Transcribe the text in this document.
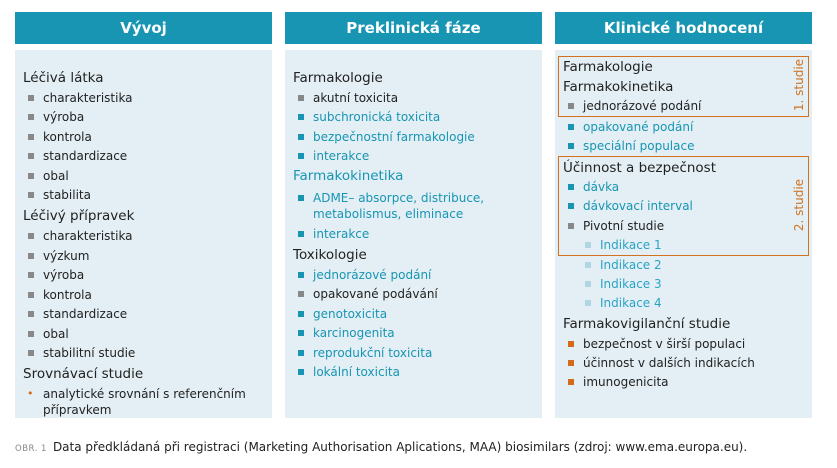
Vývoj
Léčivá látka
charakteristika
výroba
kontrola
standardizace
obal
stabilita
Léčivý přípravek
charakteristika
výzkum
výroba
kontrola
standardizace
obal
stabilitní studie
Srovnávací studie
• analytické srovnání s referenčním přípravkem
Preklinická fáze
Farmakologie
akutní toxicita
subchronická toxicita
bezpečnostní farmakologie
interakce
Farmakokinetika
ADME– absorpce, distribuce, metabolismus, eliminace
interakce
Toxikologie
jednorázové podání
opakované podávání
genotoxicita
karcinogenita
reprodukční toxicita
lokální toxicita
Klinické hodnocení
1. studie
Farmakologie
Farmakokinetika
jednorázové podání
opakované podání
speciální populace
2. studie
Účinnost a bezpečnost
dávka
dávkovací interval
Pivotní studie
Indikace 1
Indikace 2
Indikace 3
Indikace 4
Farmakovigilanční studie
bezpečnost v širší populaci
účinnost v dalších indikacích
imunogenicita
OBR. 1 Data předkládaná při registraci (Marketing Authorisation Aplications, MAA) biosimilars (zdroj: www.ema.europa.eu).
